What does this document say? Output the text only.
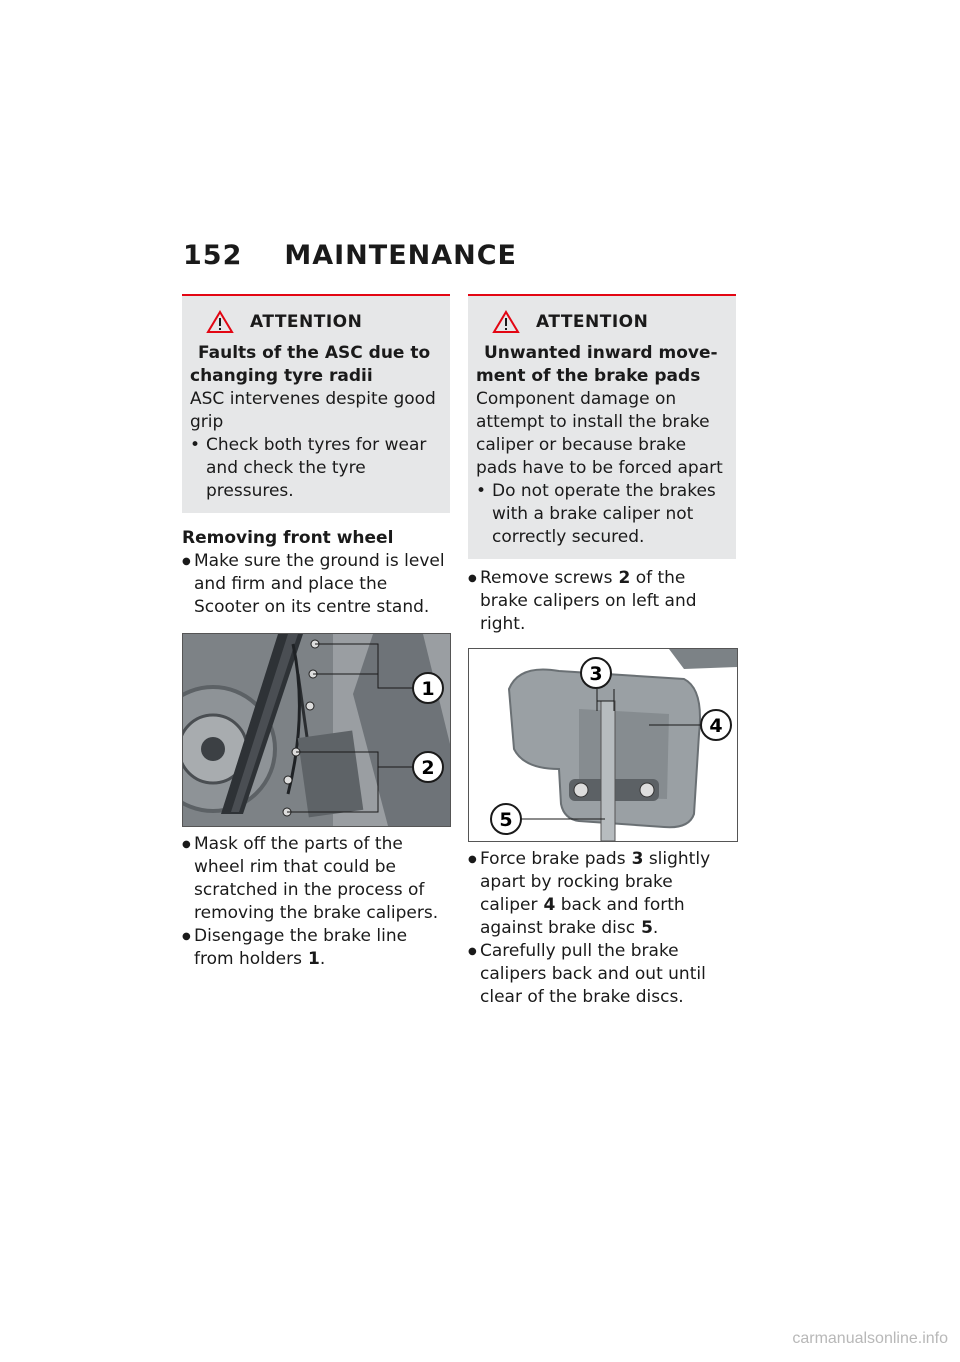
152 MAINTENANCE
ATTENTION
Faults of the ASC due to
changing tyre radii
ASC intervenes despite good grip
• Check both tyres for wear and check the tyre pressures.
Removing front wheel
● Make sure the ground is level and firm and place the Scooter on its centre stand.
1
2
● Mask off the parts of the wheel rim that could be scratched in the process of removing the brake calipers.
● Disengage the brake line from holders 1.
ATTENTION
Unwanted inward move-
ment of the brake pads
Component damage on attempt to install the brake caliper or because brake pads have to be forced apart
• Do not operate the brakes with a brake caliper not correctly secured.
● Remove screws 2 of the brake calipers on left and right.
3
4
5
● Force brake pads 3 slightly apart by rocking brake caliper 4 back and forth against brake disc 5.
● Carefully pull the brake calipers back and out until clear of the brake discs.
carmanualsonline.info
